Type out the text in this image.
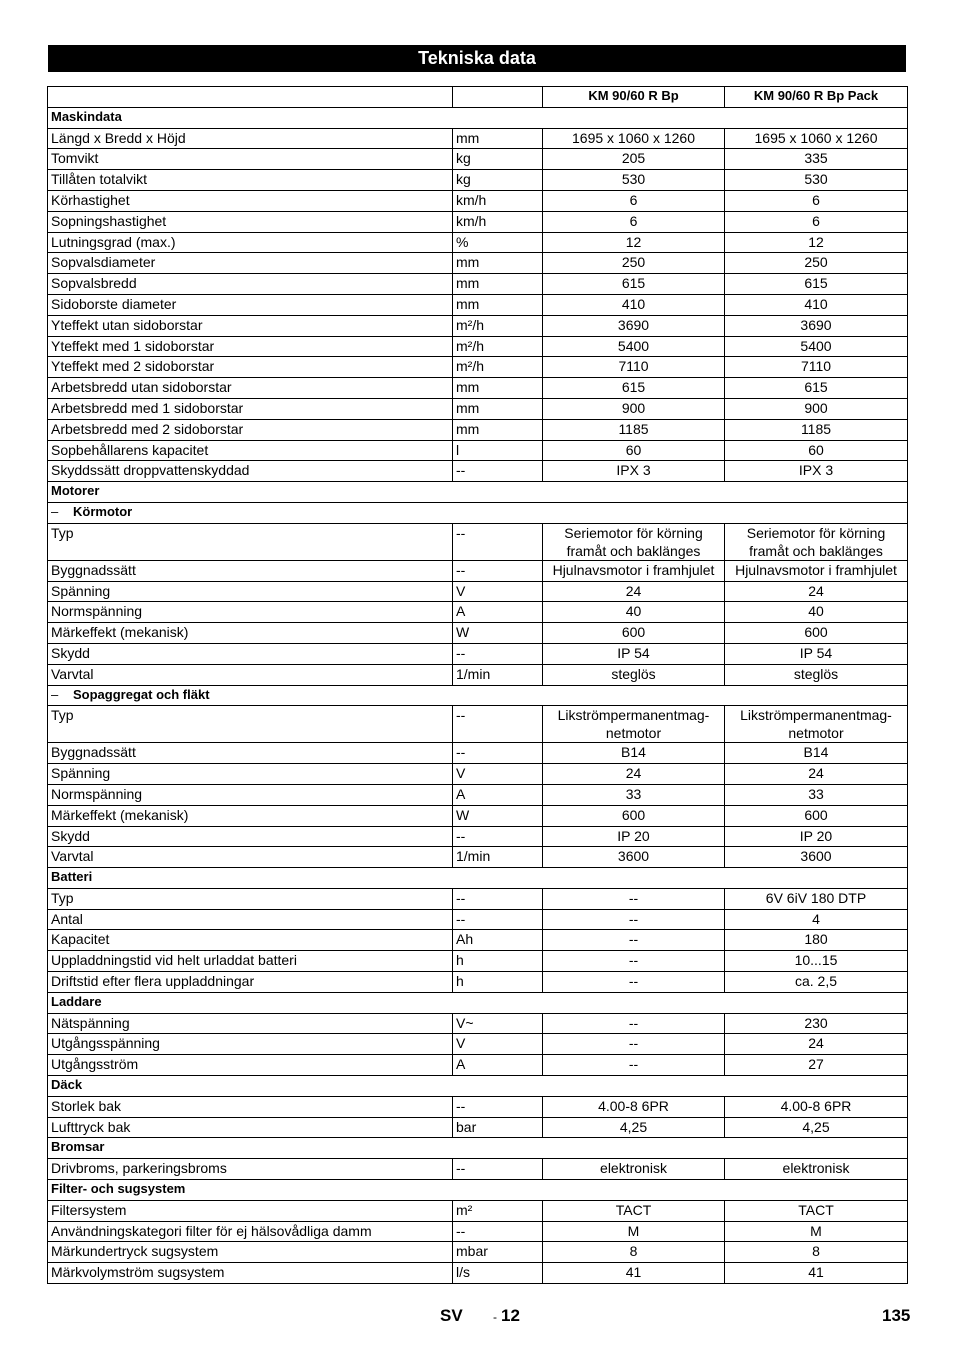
Tekniska data
		KM 90/60 R Bp	KM 90/60 R Bp Pack
Maskindata			
Längd x Bredd x Höjd	mm	1695 x 1060 x 1260	1695 x 1060 x 1260
Tomvikt	kg	205	335
Tillåten totalvikt	kg	530	530
Körhastighet	km/h	6	6
Sopningshastighet	km/h	6	6
Lutningsgrad (max.)	%	12	12
Sopvalsdiameter	mm	250	250
Sopvalsbredd	mm	615	615
Sidoborste diameter	mm	410	410
Yteffekt utan sidoborstar	m²/h	3690	3690
Yteffekt med 1 sidoborstar	m²/h	5400	5400
Yteffekt med 2 sidoborstar	m²/h	7110	7110
Arbetsbredd utan sidoborstar	mm	615	615
Arbetsbredd med 1 sidoborstar	mm	900	900
Arbetsbredd med 2 sidoborstar	mm	1185	1185
Sopbehållarens kapacitet	l	60	60
Skyddssätt droppvattenskyddad	--	IPX 3	IPX 3
Motorer			
– Körmotor			
Typ	--	Seriemotor för körning framåt och baklänges	Seriemotor för körning framåt och baklänges
Byggnadssätt	--	Hjulnavsmotor i framhjulet	Hjulnavsmotor i framhjulet
Spänning	V	24	24
Normspänning	A	40	40
Märkeffekt (mekanisk)	W	600	600
Skydd	--	IP 54	IP 54
Varvtal	1/min	steglös	steglös
– Sopaggregat och fläkt			
Typ	--	Likströmpermanentmag-netmotor	Likströmpermanentmag-netmotor
Byggnadssätt	--	B14	B14
Spänning	V	24	24
Normspänning	A	33	33
Märkeffekt (mekanisk)	W	600	600
Skydd	--	IP 20	IP 20
Varvtal	1/min	3600	3600
Batteri			
Typ	--	--	6V 6iV 180 DTP
Antal	--	--	4
Kapacitet	Ah	--	180
Uppladdningstid vid helt urladdat batteri	h	--	10...15
Driftstid efter flera uppladdningar	h	--	ca. 2,5
Laddare			
Nätspänning	V~	--	230
Utgångsspänning	V	--	24
Utgångsström	A	--	27
Däck			
Storlek bak	--	4.00-8 6PR	4.00-8 6PR
Lufttryck bak	bar	4,25	4,25
Bromsar			
Drivbroms, parkeringsbroms	--	elektronisk	elektronisk
Filter- och sugsystem			
Filtersystem	m²	TACT	TACT
Användningskategori filter för ej hälsovådliga damm	--	M	M
Märkundertryck sugsystem	mbar	8	8
Märkvolymström sugsystem	l/s	41	41
SV	- 12	135
